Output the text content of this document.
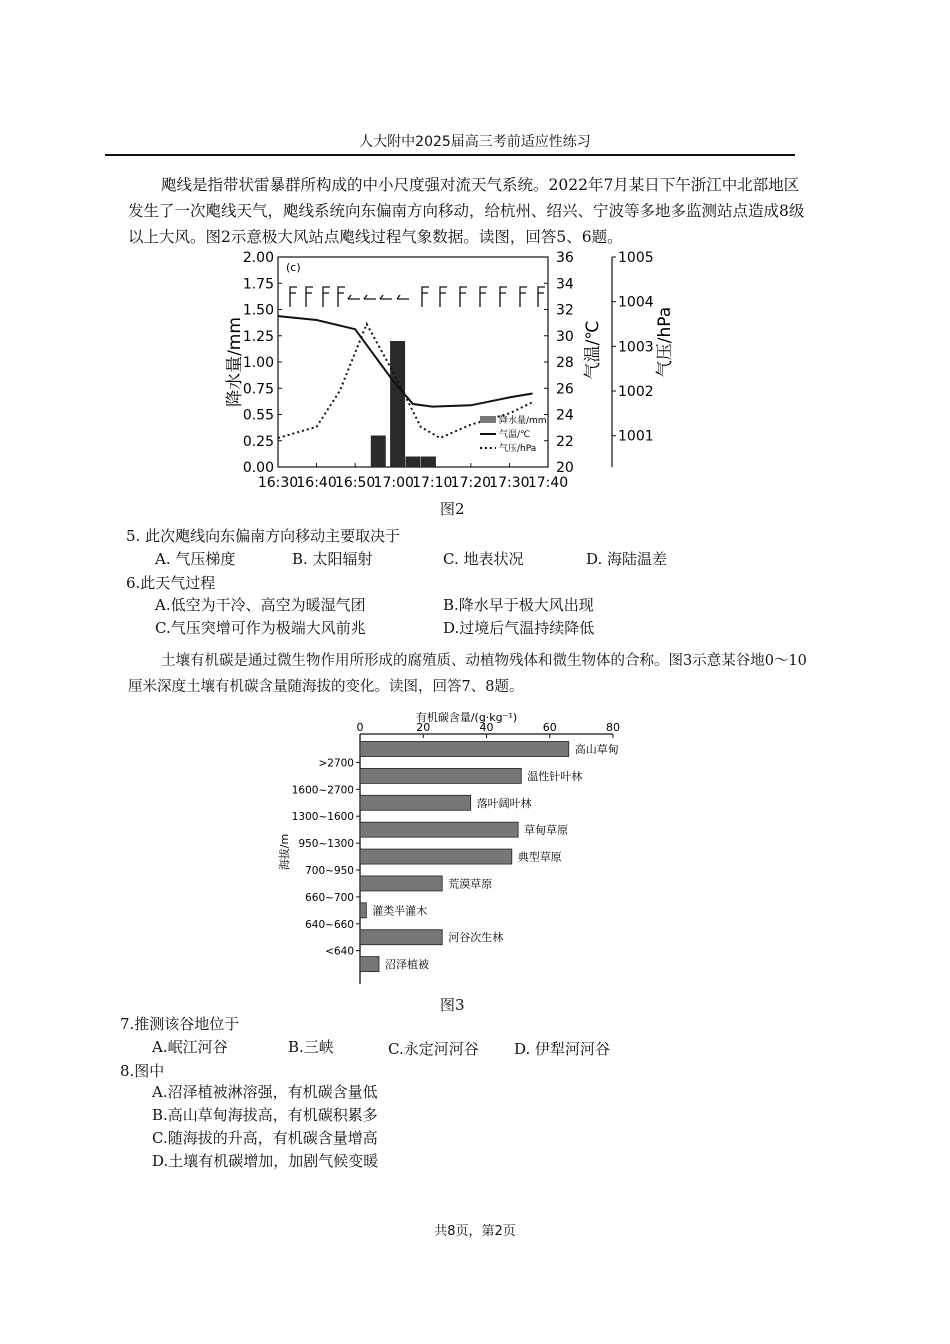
人大附中2025届高三考前适应性练习
飑线是指带状雷暴群所构成的中小尺度强对流天气系统。2022年7月某日下午浙江中北部地区发生了一次飑线天气，飑线系统向东偏南方向移动，给杭州、绍兴、宁波等多地多监测站点造成8级以上大风。图2示意极大风站点飑线过程气象数据。读图，回答5、6题。
(c)
0.00
0.25
0.55
0.75
1.00
1.25
1.50
1.75
2.00
20
22
24
26
28
30
32
34
36
1001
1002
1003
1004
1005
降水量/mm	气温/℃	气压/hPa
16:30
16:40
16:50
17:00
17:10
17:20
17:30
17:40
降水量/mm
气温/℃
气压/hPa
图2
5. 此次飑线向东偏南方向移动主要取决于
A. 气压梯度	B. 太阳辐射	C. 地表状况	D. 海陆温差
6.此天气过程
A.低空为干冷、高空为暖湿气团	B.降水早于极大风出现
C.气压突增可作为极端大风前兆	D.过境后气温持续降低
土壤有机碳是通过微生物作用所形成的腐殖质、动植物残体和微生物体的合称。图3示意某谷地0～10厘米深度土壤有机碳含量随海拔的变化。读图，回答7、8题。
有机碳含量/(g·kg⁻¹)
0	20	40	60	80
高山草甸
温性针叶林
落叶阔叶林
草甸草原
典型草原
荒漠草原
灌类半灌木
河谷次生林
沼泽植被
>2700
1600~2700
1300~1600
950~1300
700~950
660~700
640~660
<640
海拔/m
图3
7.推测该谷地位于
A.岷江河谷	B.三峡	C.永定河河谷 D. 伊犁河河谷
8.图中
A.沼泽植被淋溶强，有机碳含量低
B.高山草甸海拔高，有机碳积累多
C.随海拔的升高，有机碳含量增高
D.土壤有机碳增加，加剧气候变暖
共8页，第2页
